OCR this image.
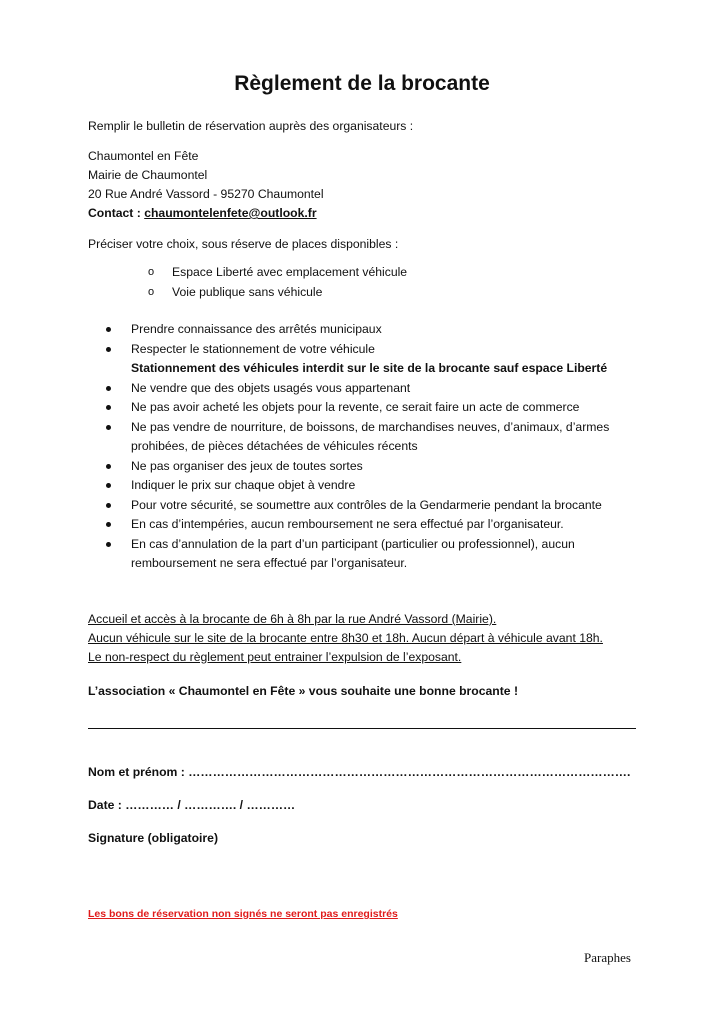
Règlement de la brocante
Remplir le bulletin de réservation auprès des organisateurs :
Chaumontel en Fête
Mairie de Chaumontel
20 Rue André Vassord - 95270 Chaumontel
Contact : chaumontelenfete@outlook.fr
Préciser votre choix, sous réserve de places disponibles :
o Espace Liberté avec emplacement véhicule
o Voie publique sans véhicule
Prendre connaissance des arrêtés municipaux
Respecter le stationnement de votre véhicule
Stationnement des véhicules interdit sur le site de la brocante sauf espace Liberté
Ne vendre que des objets usagés vous appartenant
Ne pas avoir acheté les objets pour la revente, ce serait faire un acte de commerce
Ne pas vendre de nourriture, de boissons, de marchandises neuves, d’animaux, d’armes prohibées, de pièces détachées de véhicules récents
Ne pas organiser des jeux de toutes sortes
Indiquer le prix sur chaque objet à vendre
Pour votre sécurité, se soumettre aux contrôles de la Gendarmerie pendant la brocante
En cas d’intempéries, aucun remboursement ne sera effectué par l’organisateur.
En cas d’annulation de la part d’un participant (particulier ou professionnel), aucun remboursement ne sera effectué par l’organisateur.
Accueil et accès à la brocante de 6h à 8h par la rue André Vassord (Mairie).
Aucun véhicule sur le site de la brocante entre 8h30 et 18h. Aucun départ à véhicule avant 18h.
Le non-respect du règlement peut entrainer l’expulsion de l’exposant.
L’association « Chaumontel en Fête » vous souhaite une bonne brocante !
Nom et prénom : ……………………………………………………………………………………………….
Date : ………… / …………. / …………
Signature (obligatoire)
Les bons de réservation non signés ne seront pas enregistrés
Paraphes
